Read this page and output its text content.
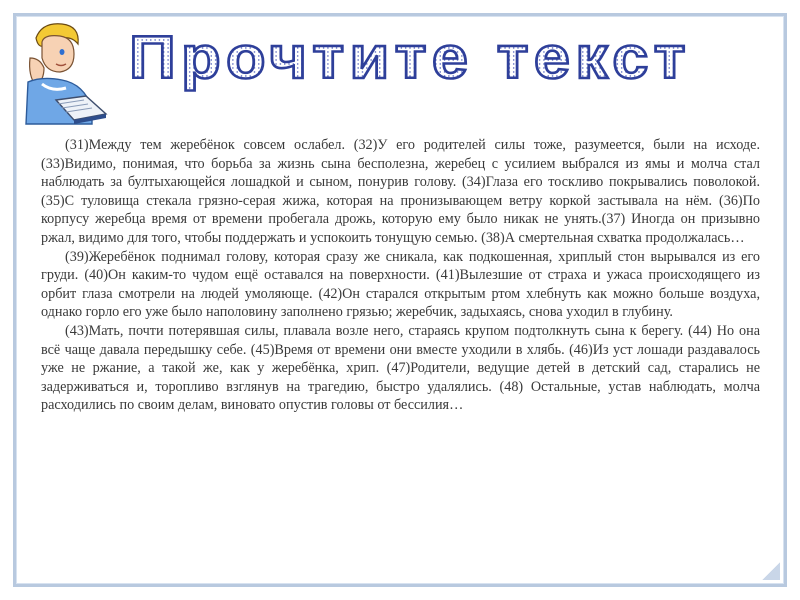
Прочтите текст

(31)Между тем жеребёнок совсем ослабел. (32)У его родителей силы тоже, разумеется, были на исходе. (33)Видимо, понимая, что борьба за жизнь сына бесполезна, жеребец с усилием выбрался из ямы и молча стал наблюдать за бултыхающейся лошадкой и сыном, понурив голову. (34)Глаза его тоскливо покрывались поволокой. (35)С туловища стекала грязно-серая жижа, которая на пронизывающем ветру коркой застывала на нём. (36)По корпусу жеребца время от времени пробегала дрожь, которую ему было никак не унять.(37) Иногда он призывно ржал, видимо для того, чтобы поддержать и успокоить тонущую семью. (38)А смертельная схватка продолжалась…

(39)Жеребёнок поднимал голову, которая сразу же сникала, как подкошенная, хриплый стон вырывался из его груди. (40)Он каким-то чудом ещё оставался на поверхности. (41)Вылезшие от страха и ужаса происходящего из орбит глаза смотрели на людей умоляюще. (42)Он старался открытым ртом хлебнуть как можно больше воздуха, однако горло его уже было наполовину заполнено грязью; жеребчик, задыхаясь, снова уходил в глубину.

(43)Мать, почти потерявшая силы, плавала возле него, стараясь крупом подтолкнуть сына к берегу. (44) Но она всё чаще давала передышку себе. (45)Время от времени они вместе уходили в хлябь. (46)Из уст лошади раздавалось уже не ржание, а такой же, как у жеребёнка, хрип. (47)Родители, ведущие детей в детский сад, старались не задерживаться и, торопливо взглянув на трагедию, быстро удалялись. (48) Остальные, устав наблюдать, молча расходились по своим делам, виновато опустив головы от бессилия…
